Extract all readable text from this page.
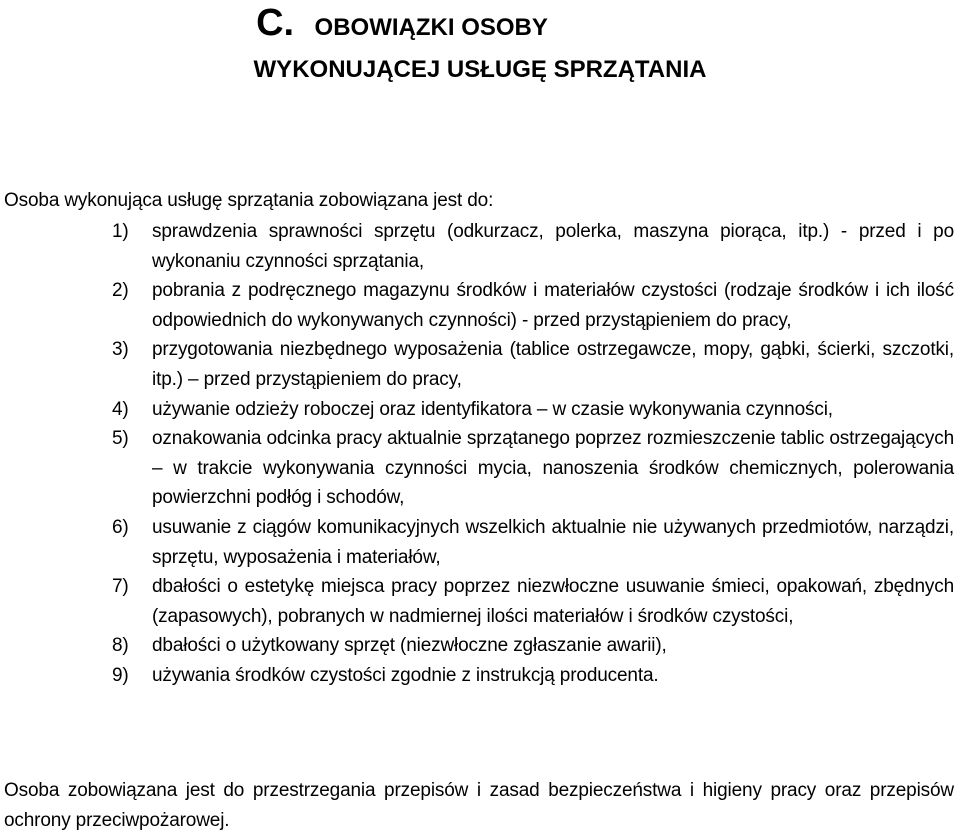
C. OBOWIĄZKI OSOBY
WYKONUJĄCEJ USŁUGĘ SPRZĄTANIA
Osoba wykonująca usługę sprzątania zobowiązana jest do:
1) sprawdzenia sprawności sprzętu (odkurzacz, polerka, maszyna piorąca, itp.) - przed i po wykonaniu czynności sprzątania,
2) pobrania z podręcznego magazynu środków i materiałów czystości (rodzaje środków i ich ilość odpowiednich do wykonywanych czynności) - przed przystąpieniem do pracy,
3) przygotowania niezbędnego wyposażenia (tablice ostrzegawcze, mopy, gąbki, ścierki, szczotki, itp.) – przed przystąpieniem do pracy,
4) używanie odzieży roboczej oraz identyfikatora – w czasie wykonywania czynności,
5) oznakowania odcinka pracy aktualnie sprzątanego poprzez rozmieszczenie tablic ostrzegających – w trakcie wykonywania czynności mycia, nanoszenia środków chemicznych, polerowania powierzchni podłóg i schodów,
6) usuwanie z ciągów komunikacyjnych wszelkich aktualnie nie używanych przedmiotów, narządzi, sprzętu, wyposażenia i materiałów,
7) dbałości o estetykę miejsca pracy poprzez niezwłoczne usuwanie śmieci, opakowań, zbędnych (zapasowych), pobranych w nadmiernej ilości materiałów i środków czystości,
8) dbałości o użytkowany sprzęt (niezwłoczne zgłaszanie awarii),
9) używania środków czystości zgodnie z instrukcją producenta.
Osoba zobowiązana jest do przestrzegania przepisów i zasad bezpieczeństwa i higieny pracy oraz przepisów ochrony przeciwpożarowej.
